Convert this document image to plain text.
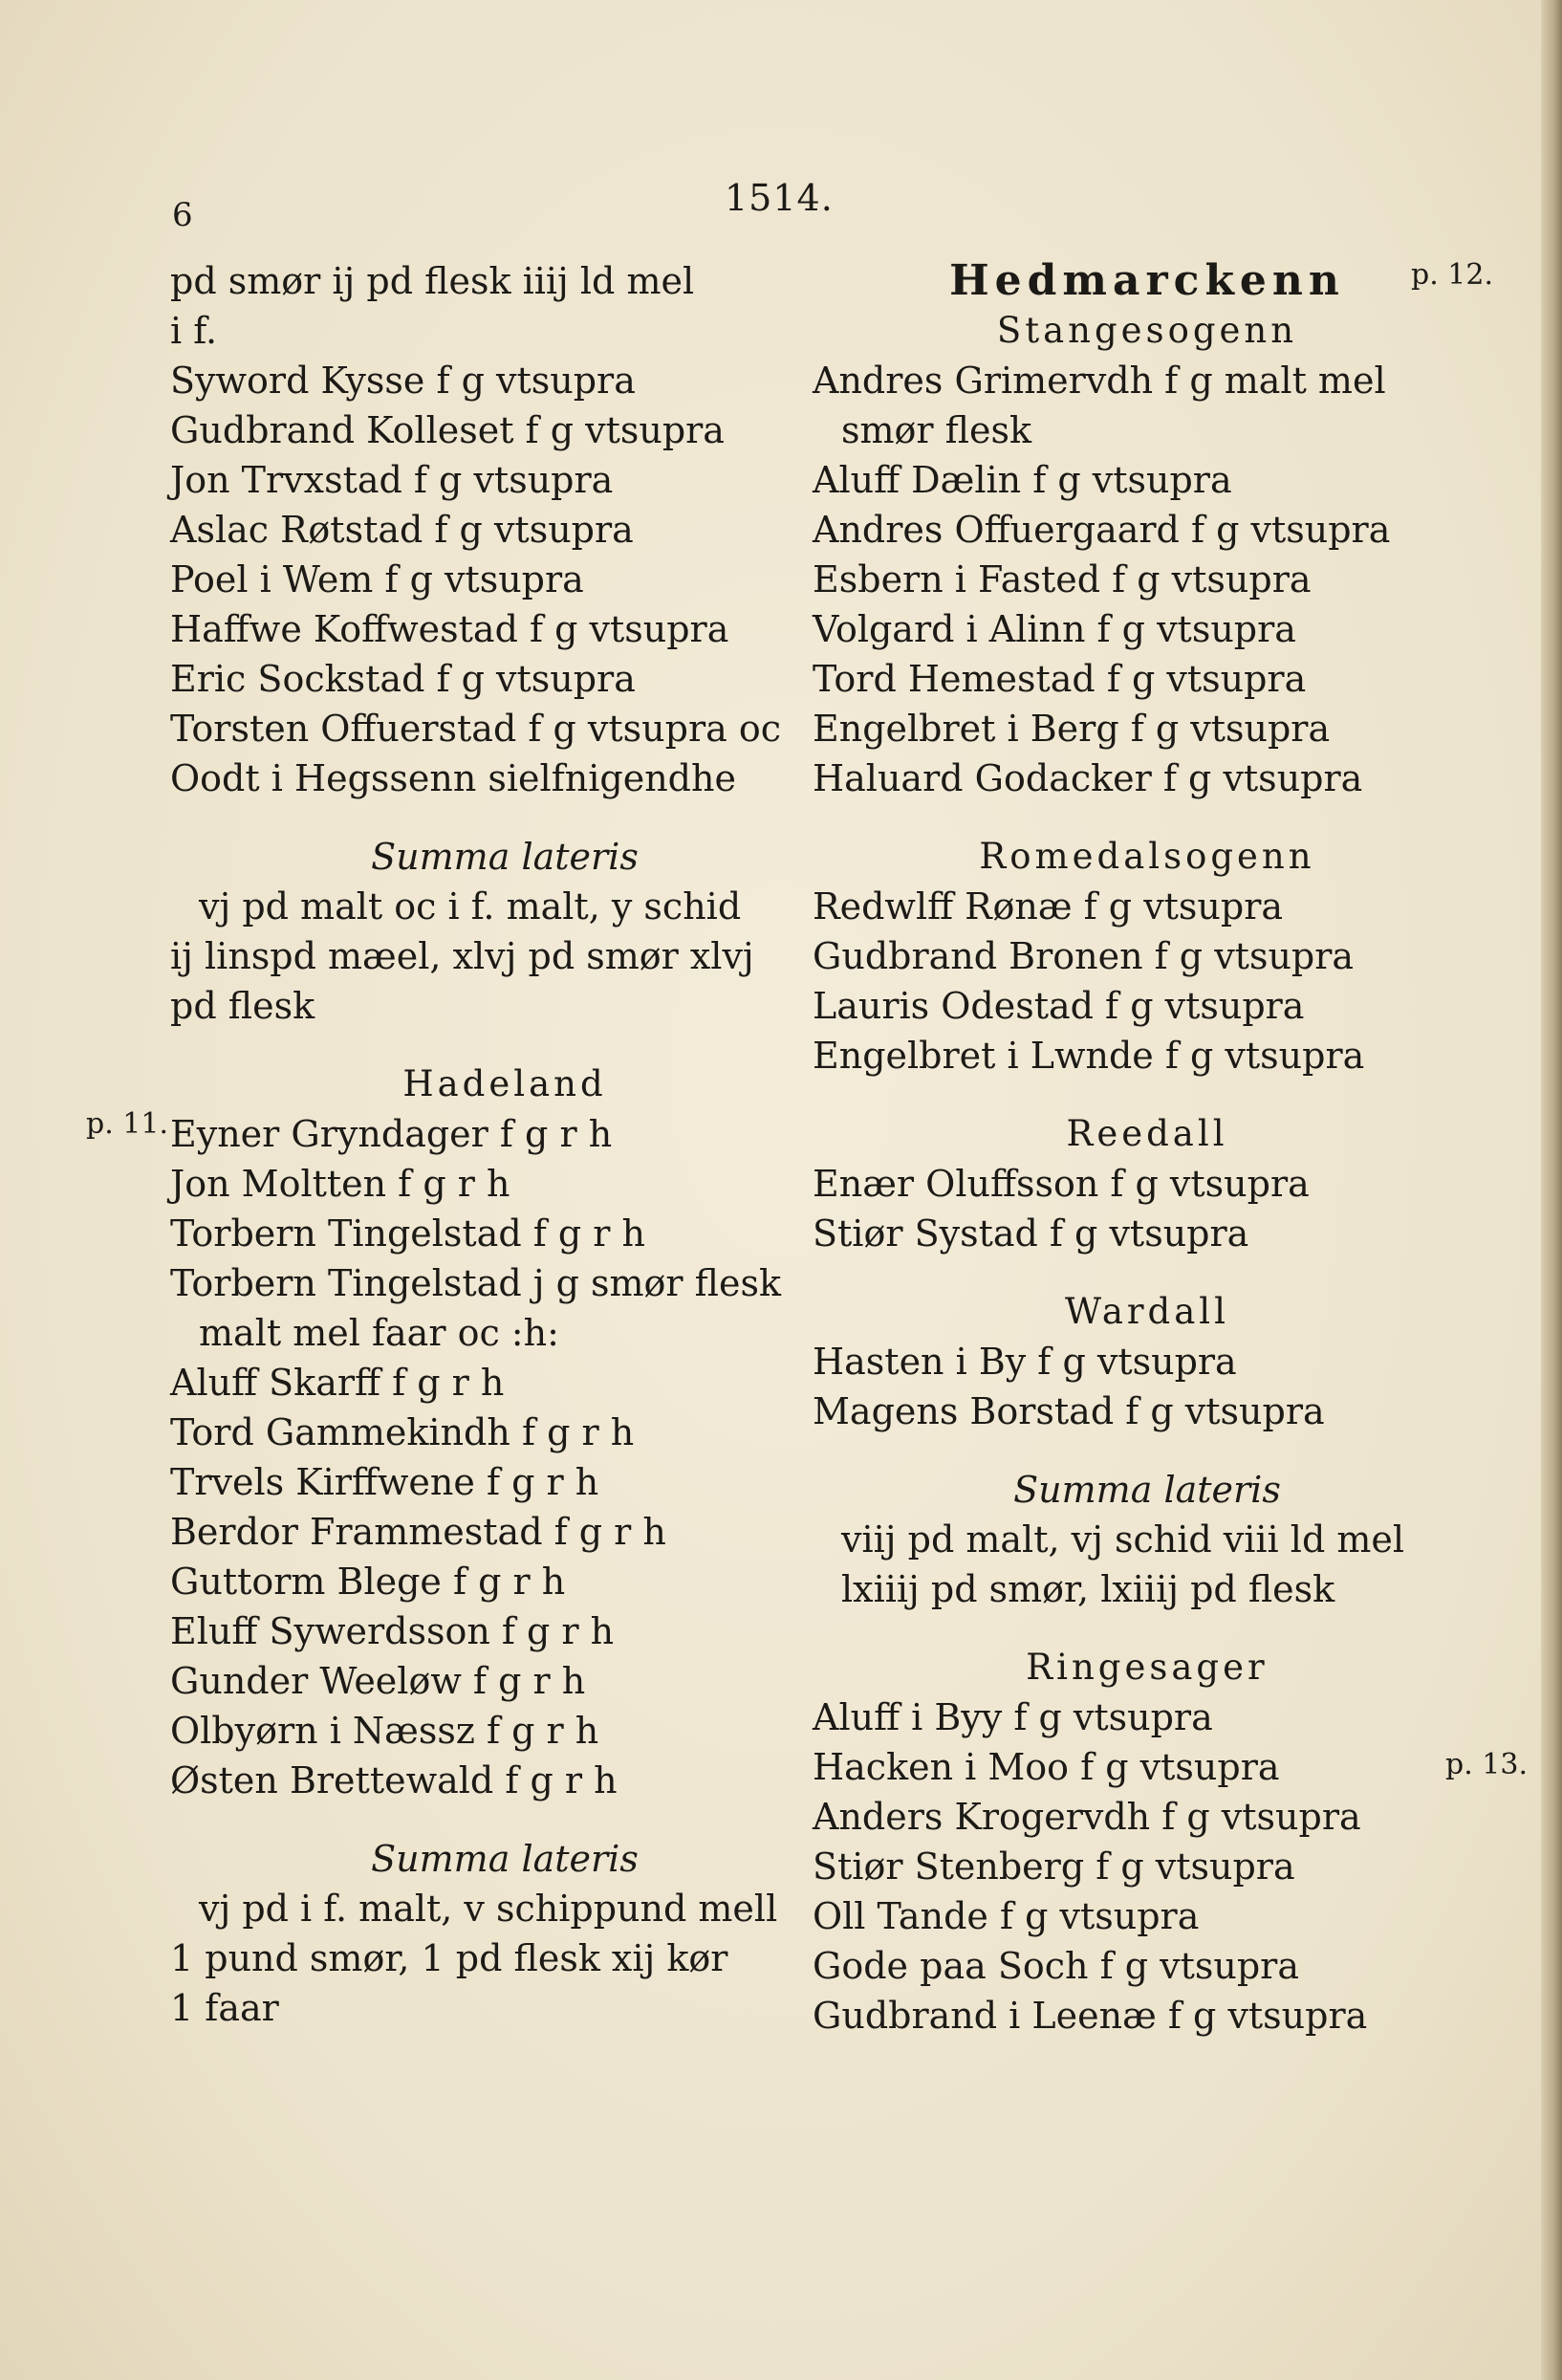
6	1514.
p. 11.
p. 12.
p. 13.
pd smør ij pd flesk iiij ld mel
i f.
Syword Kysse f g vtsupra
Gudbrand Kolleset f g vtsupra
Jon Trvxstad f g vtsupra
Aslac Røtstad f g vtsupra
Poel i Wem f g vtsupra
Haffwe Koffwestad f g vtsupra
Eric Sockstad f g vtsupra
Torsten Offuerstad f g vtsupra oc
Oodt i Hegssenn sielfnigendhe
Summa lateris
vj pd malt oc i f. malt, y schid
ij linspd mæel, xlvj pd smør xlvj
pd flesk
Hadeland
Eyner Gryndager f g r h
Jon Moltten f g r h
Torbern Tingelstad f g r h
Torbern Tingelstad j g smør flesk
malt mel faar oc :h:
Aluff Skarff f g r h
Tord Gammekindh f g r h
Trvels Kirffwene f g r h
Berdor Frammestad f g r h
Guttorm Blege f g r h
Eluff Sywerdsson f g r h
Gunder Weeløw f g r h
Olbyørn i Næssz f g r h
Østen Brettewald f g r h
Summa lateris
vj pd i f. malt, v schippund mell
1 pund smør, 1 pd flesk xij kør
1 faar
Hedmarckenn
Stangesogenn
Andres Grimervdh f g malt mel
smør flesk
Aluff Dælin f g vtsupra
Andres Offuergaard f g vtsupra
Esbern i Fasted f g vtsupra
Volgard i Alinn f g vtsupra
Tord Hemestad f g vtsupra
Engelbret i Berg f g vtsupra
Haluard Godacker f g vtsupra
Romedalsogenn
Redwlff Rønæ f g vtsupra
Gudbrand Bronen f g vtsupra
Lauris Odestad f g vtsupra
Engelbret i Lwnde f g vtsupra
Reedall
Enær Oluffsson f g vtsupra
Stiør Systad f g vtsupra
Wardall
Hasten i By f g vtsupra
Magens Borstad f g vtsupra
Summa lateris
viij pd malt, vj schid viii ld mel
lxiiij pd smør, lxiiij pd flesk
Ringesager
Aluff i Byy f g vtsupra
Hacken i Moo f g vtsupra
Anders Krogervdh f g vtsupra
Stiør Stenberg f g vtsupra
Oll Tande f g vtsupra
Gode paa Soch f g vtsupra
Gudbrand i Leenæ f g vtsupra
